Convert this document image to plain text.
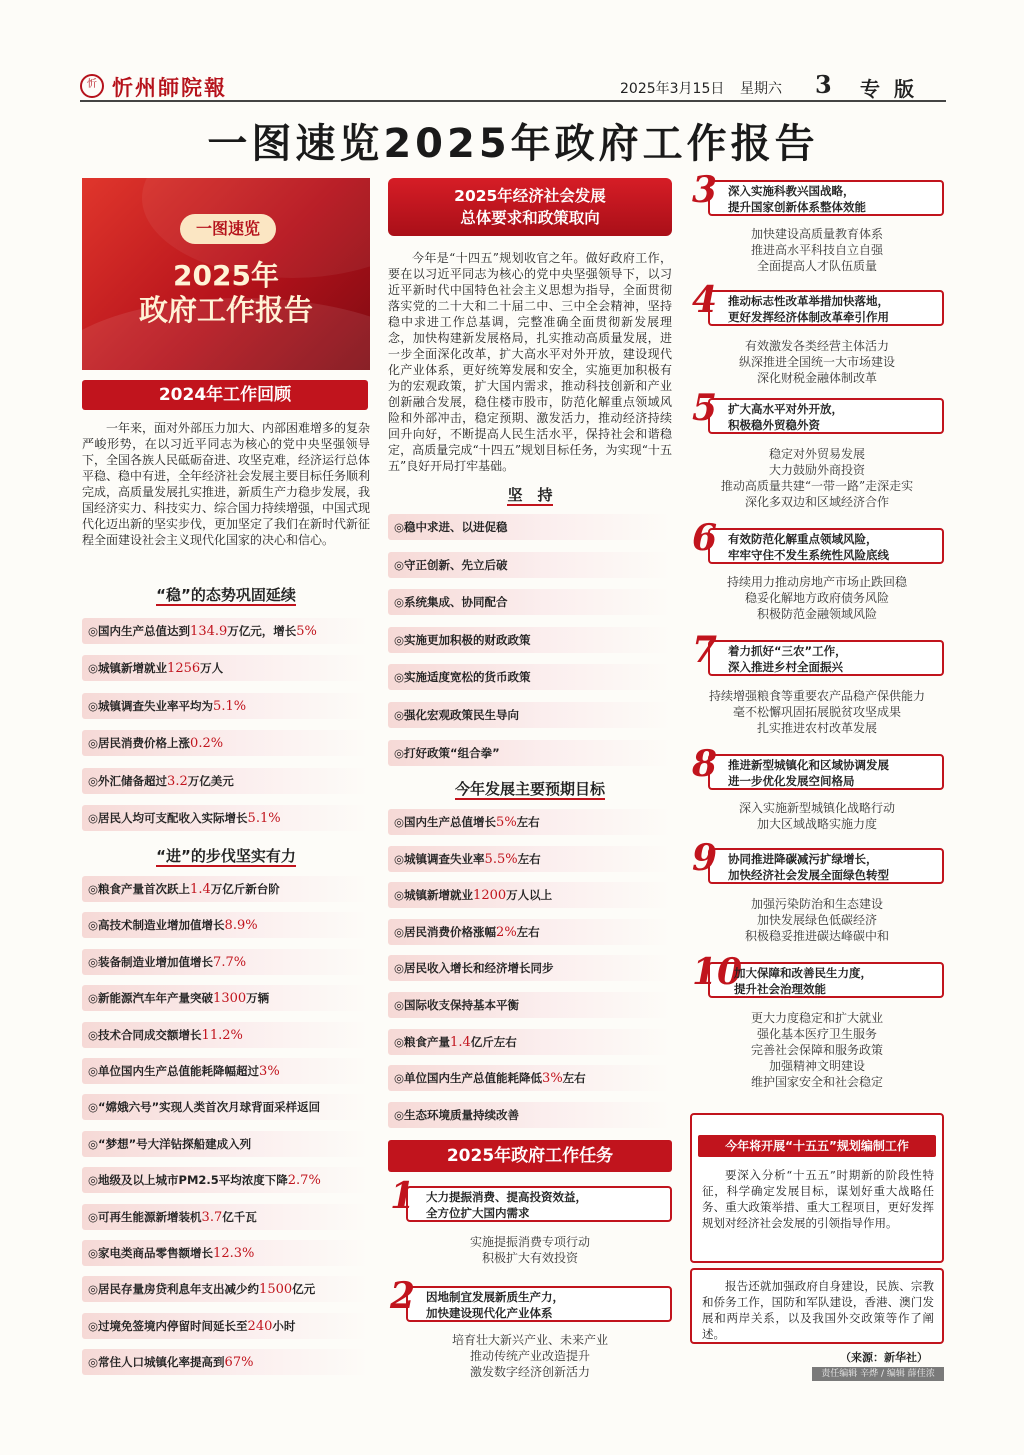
忻 忻州師院報	2025年3月15日 星期六 3 专版
一图速览2025年政府工作报告
一图速览
2025年
政府工作报告
2024年工作回顾
一年来，面对外部压力加大、内部困难增多的复杂严峻形势，在以习近平同志为核心的党中央坚强领导下，全国各族人民砥砺奋进、攻坚克难，经济运行总体平稳、稳中有进，全年经济社会发展主要目标任务顺利完成，高质量发展扎实推进，新质生产力稳步发展，我国经济实力、科技实力、综合国力持续增强，中国式现代化迈出新的坚实步伐，更加坚定了我们在新时代新征程全面建设社会主义现代化国家的决心和信心。
“稳”的态势巩固延续
“进”的步伐坚实有力
2025年经济社会发展
总体要求和政策取向
今年是“十四五”规划收官之年。做好政府工作，要在以习近平同志为核心的党中央坚强领导下，以习近平新时代中国特色社会主义思想为指导，全面贯彻落实党的二十大和二十届二中、三中全会精神，坚持稳中求进工作总基调，完整准确全面贯彻新发展理念，加快构建新发展格局，扎实推动高质量发展，进一步全面深化改革，扩大高水平对外开放，建设现代化产业体系，更好统筹发展和安全，实施更加积极有为的宏观政策，扩大国内需求，推动科技创新和产业创新融合发展，稳住楼市股市，防范化解重点领域风险和外部冲击，稳定预期、激发活力，推动经济持续回升向好，不断提高人民生活水平，保持社会和谐稳定，高质量完成“十四五”规划目标任务，为实现“十五五”良好开局打牢基础。
坚　持
今年发展主要预期目标
2025年政府工作任务	今年将开展“十五五”规划编制工作
要深入分析“十五五”时期新的阶段性特征，科学确定发展目标，谋划好重大战略任务、重大政策举措、重大工程项目，更好发挥规划对经济社会发展的引领指导作用。
报告还就加强政府自身建设，民族、宗教和侨务工作，国防和军队建设，香港、澳门发展和两岸关系，以及我国外交政策等作了阐述。
（来源：新华社）
责任编辑 辛烨 / 编辑 薛佳浓
◎国内生产总值达到134.9万亿元，增长5%
◎城镇新增就业1256万人
◎城镇调查失业率平均为5.1%
◎居民消费价格上涨0.2%
◎外汇储备超过3.2万亿美元
◎居民人均可支配收入实际增长5.1%
◎粮食产量首次跃上1.4万亿斤新台阶
◎高技术制造业增加值增长8.9%
◎装备制造业增加值增长7.7%
◎新能源汽车年产量突破1300万辆
◎技术合同成交额增长11.2%
◎单位国内生产总值能耗降幅超过3%
◎“嫦娥六号”实现人类首次月球背面采样返回
◎“梦想”号大洋钻探船建成入列
◎地级及以上城市PM2.5平均浓度下降2.7%
◎可再生能源新增装机3.7亿千瓦
◎家电类商品零售额增长12.3%
◎居民存量房贷利息年支出减少约1500亿元
◎过境免签境内停留时间延长至240小时
◎常住人口城镇化率提高到67%
◎稳中求进、以进促稳
◎守正创新、先立后破
◎系统集成、协同配合
◎实施更加积极的财政政策
◎实施适度宽松的货币政策
◎强化宏观政策民生导向
◎打好政策“组合拳”
◎国内生产总值增长5%左右
◎城镇调查失业率5.5%左右
◎城镇新增就业1200万人以上
◎居民消费价格涨幅2%左右
◎居民收入增长和经济增长同步
◎国际收支保持基本平衡
◎粮食产量1.4亿斤左右
◎单位国内生产总值能耗降低3%左右
◎生态环境质量持续改善
1 大力提振消费、提高投资效益，
全方位扩大国内需求
实施提振消费专项行动
积极扩大有效投资
2 因地制宜发展新质生产力，
加快建设现代化产业体系
培育壮大新兴产业、未来产业
推动传统产业改造提升
激发数字经济创新活力
3 深入实施科教兴国战略，
提升国家创新体系整体效能
加快建设高质量教育体系
推进高水平科技自立自强
全面提高人才队伍质量
4 推动标志性改革举措加快落地，
更好发挥经济体制改革牵引作用
有效激发各类经营主体活力
纵深推进全国统一大市场建设
深化财税金融体制改革
5 扩大高水平对外开放，
积极稳外贸稳外资
稳定对外贸易发展
大力鼓励外商投资
推动高质量共建“一带一路”走深走实
深化多双边和区域经济合作
6 有效防范化解重点领域风险，
牢牢守住不发生系统性风险底线
持续用力推动房地产市场止跌回稳
稳妥化解地方政府债务风险
积极防范金融领域风险
7 着力抓好“三农”工作，
深入推进乡村全面振兴
持续增强粮食等重要农产品稳产保供能力
毫不松懈巩固拓展脱贫攻坚成果
扎实推进农村改革发展
8 推进新型城镇化和区域协调发展
进一步优化发展空间格局
深入实施新型城镇化战略行动
加大区域战略实施力度
9 协同推进降碳减污扩绿增长，
加快经济社会发展全面绿色转型
加强污染防治和生态建设
加快发展绿色低碳经济
积极稳妥推进碳达峰碳中和
10
加大保障和改善民生力度，
提升社会治理效能
更大力度稳定和扩大就业
强化基本医疗卫生服务
完善社会保障和服务政策
加强精神文明建设
维护国家安全和社会稳定
